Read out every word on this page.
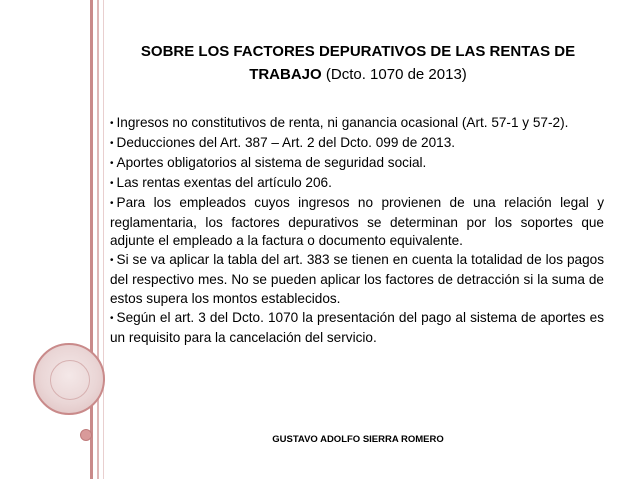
SOBRE LOS FACTORES DEPURATIVOS DE LAS RENTAS DE TRABAJO (Dcto. 1070 de 2013)

• Ingresos no constitutivos de renta, ni ganancia ocasional (Art. 57-1 y 57-2).

• Deducciones del Art. 387 – Art. 2 del Dcto. 099 de 2013.

• Aportes obligatorios al sistema de seguridad social.

• Las rentas exentas del artículo 206.

• Para los empleados cuyos ingresos no provienen de una relación legal y reglamentaria, los factores depurativos se determinan por los soportes que adjunte el empleado a la factura o documento equivalente.

• Si se va aplicar la tabla del art. 383 se tienen en cuenta la totalidad de los pagos del respectivo mes. No se pueden aplicar los factores de detracción si la suma de estos supera los montos establecidos.

• Según el art. 3 del Dcto. 1070 la presentación del pago al sistema de aportes es un requisito para la cancelación del servicio.

GUSTAVO ADOLFO SIERRA ROMERO
